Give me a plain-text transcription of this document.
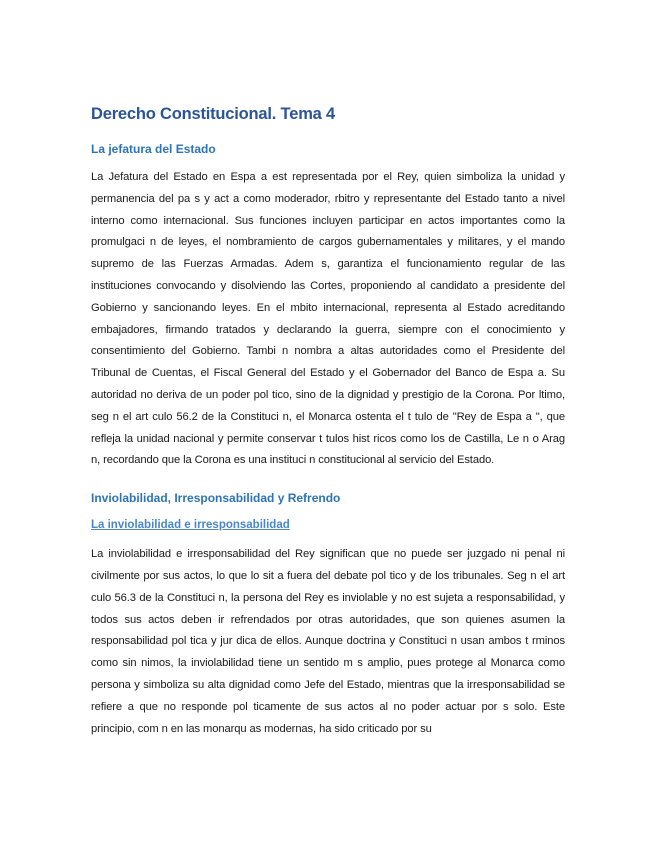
Derecho Constitucional. Tema 4
La jefatura del Estado

La Jefatura del Estado en Espa a est representada por el Rey, quien simboliza la unidad y permanencia del pa s y act a como moderador, rbitro y representante del Estado tanto a nivel interno como internacional. Sus funciones incluyen participar en actos importantes como la promulgaci n de leyes, el nombramiento de cargos gubernamentales y militares, y el mando supremo de las Fuerzas Armadas. Adem s, garantiza el funcionamiento regular de las instituciones convocando y disolviendo las Cortes, proponiendo al candidato a presidente del Gobierno y sancionando leyes. En el mbito internacional, representa al Estado acreditando embajadores, firmando tratados y declarando la guerra, siempre con el conocimiento y consentimiento del Gobierno. Tambi n nombra a altas autoridades como el Presidente del Tribunal de Cuentas, el Fiscal General del Estado y el Gobernador del Banco de Espa a. Su autoridad no deriva de un poder pol tico, sino de la dignidad y prestigio de la Corona. Por ltimo, seg n el art culo 56.2 de la Constituci n, el Monarca ostenta el t tulo de "Rey de Espa a ", que refleja la unidad nacional y permite conservar t tulos hist ricos como los de Castilla, Le n o Arag n, recordando que la Corona es una instituci n constitucional al servicio del Estado.

Inviolabilidad, Irresponsabilidad y Refrendo
La inviolabilidad e irresponsabilidad

La inviolabilidad e irresponsabilidad del Rey significan que no puede ser juzgado ni penal ni civilmente por sus actos, lo que lo sit a fuera del debate pol tico y de los tribunales. Seg n el art culo 56.3 de la Constituci n, la persona del Rey es inviolable y no est sujeta a responsabilidad, y todos sus actos deben ir refrendados por otras autoridades, que son quienes asumen la responsabilidad pol tica y jur dica de ellos. Aunque doctrina y Constituci n usan ambos t rminos como sin nimos, la inviolabilidad tiene un sentido m s amplio, pues protege al Monarca como persona y simboliza su alta dignidad como Jefe del Estado, mientras que la irresponsabilidad se refiere a que no responde pol ticamente de sus actos al no poder actuar por s solo. Este principio, com n en las monarqu as modernas, ha sido criticado por su
